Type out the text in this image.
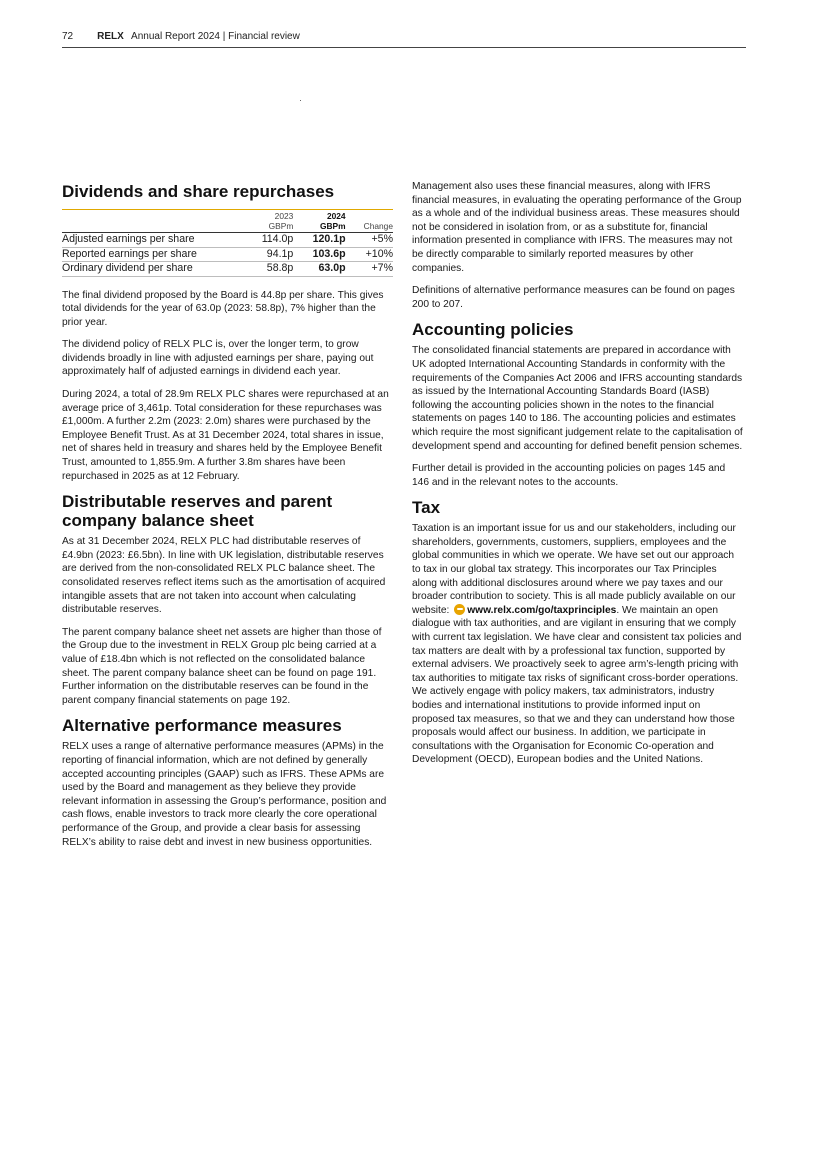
72 RELX Annual Report 2024 | Financial review
Dividends and share repurchases
	2023	2024	
	GBPm	GBPm	Change
Adjusted earnings per share	114.0p	120.1p	+5%
Reported earnings per share	94.1p	103.6p	+10%
Ordinary dividend per share	58.8p	63.0p	+7%

The final dividend proposed by the Board is 44.8p per share. This gives total dividends for the year of 63.0p (2023: 58.8p), 7% higher than the prior year.

The dividend policy of RELX PLC is, over the longer term, to grow dividends broadly in line with adjusted earnings per share, paying out approximately half of adjusted earnings in dividend each year.

During 2024, a total of 28.9m RELX PLC shares were repurchased at an average price of 3,461p. Total consideration for these repurchases was £1,000m. A further 2.2m (2023: 2.0m) shares were purchased by the Employee Benefit Trust. As at 31 December 2024, total shares in issue, net of shares held in treasury and shares held by the Employee Benefit Trust, amounted to 1,855.9m. A further 3.8m shares have been repurchased in 2025 as at 12 February.

Distributable reserves and parent company balance sheet

As at 31 December 2024, RELX PLC had distributable reserves of £4.9bn (2023: £6.5bn). In line with UK legislation, distributable reserves are derived from the non-consolidated RELX PLC balance sheet. The consolidated reserves reflect items such as the amortisation of acquired intangible assets that are not taken into account when calculating distributable reserves.

The parent company balance sheet net assets are higher than those of the Group due to the investment in RELX Group plc being carried at a value of £18.4bn which is not reflected on the consolidated balance sheet. The parent company balance sheet can be found on page 191. Further information on the distributable reserves can be found in the parent company financial statements on page 192.

Alternative performance measures

RELX uses a range of alternative performance measures (APMs) in the reporting of financial information, which are not defined by generally accepted accounting principles (GAAP) such as IFRS. These APMs are used by the Board and management as they believe they provide relevant information in assessing the Group’s performance, position and cash flows, enable investors to track more clearly the core operational performance of the Group, and provide a clear basis for assessing RELX’s ability to raise debt and invest in new business opportunities.

Management also uses these financial measures, along with IFRS financial measures, in evaluating the operating performance of the Group as a whole and of the individual business areas. These measures should not be considered in isolation from, or as a substitute for, financial information presented in compliance with IFRS. The measures may not be directly comparable to similarly reported measures by other companies.

Definitions of alternative performance measures can be found on pages 200 to 207.

Accounting policies

The consolidated financial statements are prepared in accordance with UK adopted International Accounting Standards in conformity with the requirements of the Companies Act 2006 and IFRS accounting standards as issued by the International Accounting Standards Board (IASB) following the accounting policies shown in the notes to the financial statements on pages 140 to 186. The accounting policies and estimates which require the most significant judgement relate to the capitalisation of development spend and accounting for defined benefit pension schemes.

Further detail is provided in the accounting policies on pages 145 and 146 and in the relevant notes to the accounts.

Tax

Taxation is an important issue for us and our stakeholders, including our shareholders, governments, customers, suppliers, employees and the global communities in which we operate. We have set out our approach to tax in our global tax strategy. This incorporates our Tax Principles along with additional disclosures around where we pay taxes and our broader contribution to society. This is all made publicly available on our website: www.relx.com/go/taxprinciples. We maintain an open dialogue with tax authorities, and are vigilant in ensuring that we comply with current tax legislation. We have clear and consistent tax policies and tax matters are dealt with by a professional tax function, supported by external advisers. We proactively seek to agree arm’s-length pricing with tax authorities to mitigate tax risks of significant cross-border operations. We actively engage with policy makers, tax administrators, industry bodies and international institutions to provide informed input on proposed tax measures, so that we and they can understand how those proposals would affect our business. In addition, we participate in consultations with the Organisation for Economic Co-operation and Development (OECD), European bodies and the United Nations.
